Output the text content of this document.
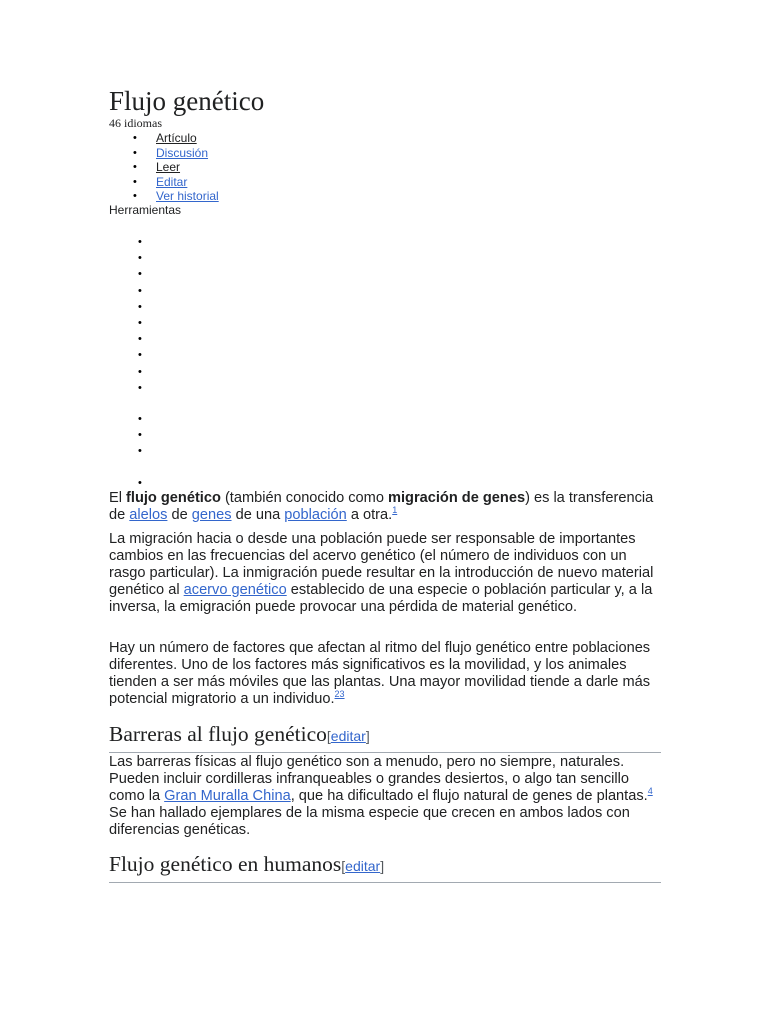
Flujo genético
46 idiomas
• Artículo
• Discusión
• Leer
• Editar
• Ver historial
Herramientas
•
•
•
•
•
•
•
•
•
•
•
•
•
•

El flujo genético (también conocido como migración de genes) es la transferencia de alelos de genes de una población a otra.$^1$

La migración hacia o desde una población puede ser responsable de importantes cambios en las frecuencias del acervo genético (el número de individuos con un rasgo particular). La inmigración puede resultar en la introducción de nuevo material genético al acervo genético establecido de una especie o población particular y, a la inversa, la emigración puede provocar una pérdida de material genético.

Hay un número de factores que afectan al ritmo del flujo genético entre poblaciones diferentes. Uno de los factores más significativos es la movilidad, y los animales tienden a ser más móviles que las plantas. Una mayor movilidad tiende a darle más potencial migratorio a un individuo.$^{23}$

Barreras al flujo genético[editar]

Las barreras físicas al flujo genético son a menudo, pero no siempre, naturales. Pueden incluir cordilleras infranqueables o grandes desiertos, o algo tan sencillo como la Gran Muralla China, que ha dificultado el flujo natural de genes de plantas.$^4$ Se han hallado ejemplares de la misma especie que crecen en ambos lados con diferencias genéticas.

Flujo genético en humanos[editar]
